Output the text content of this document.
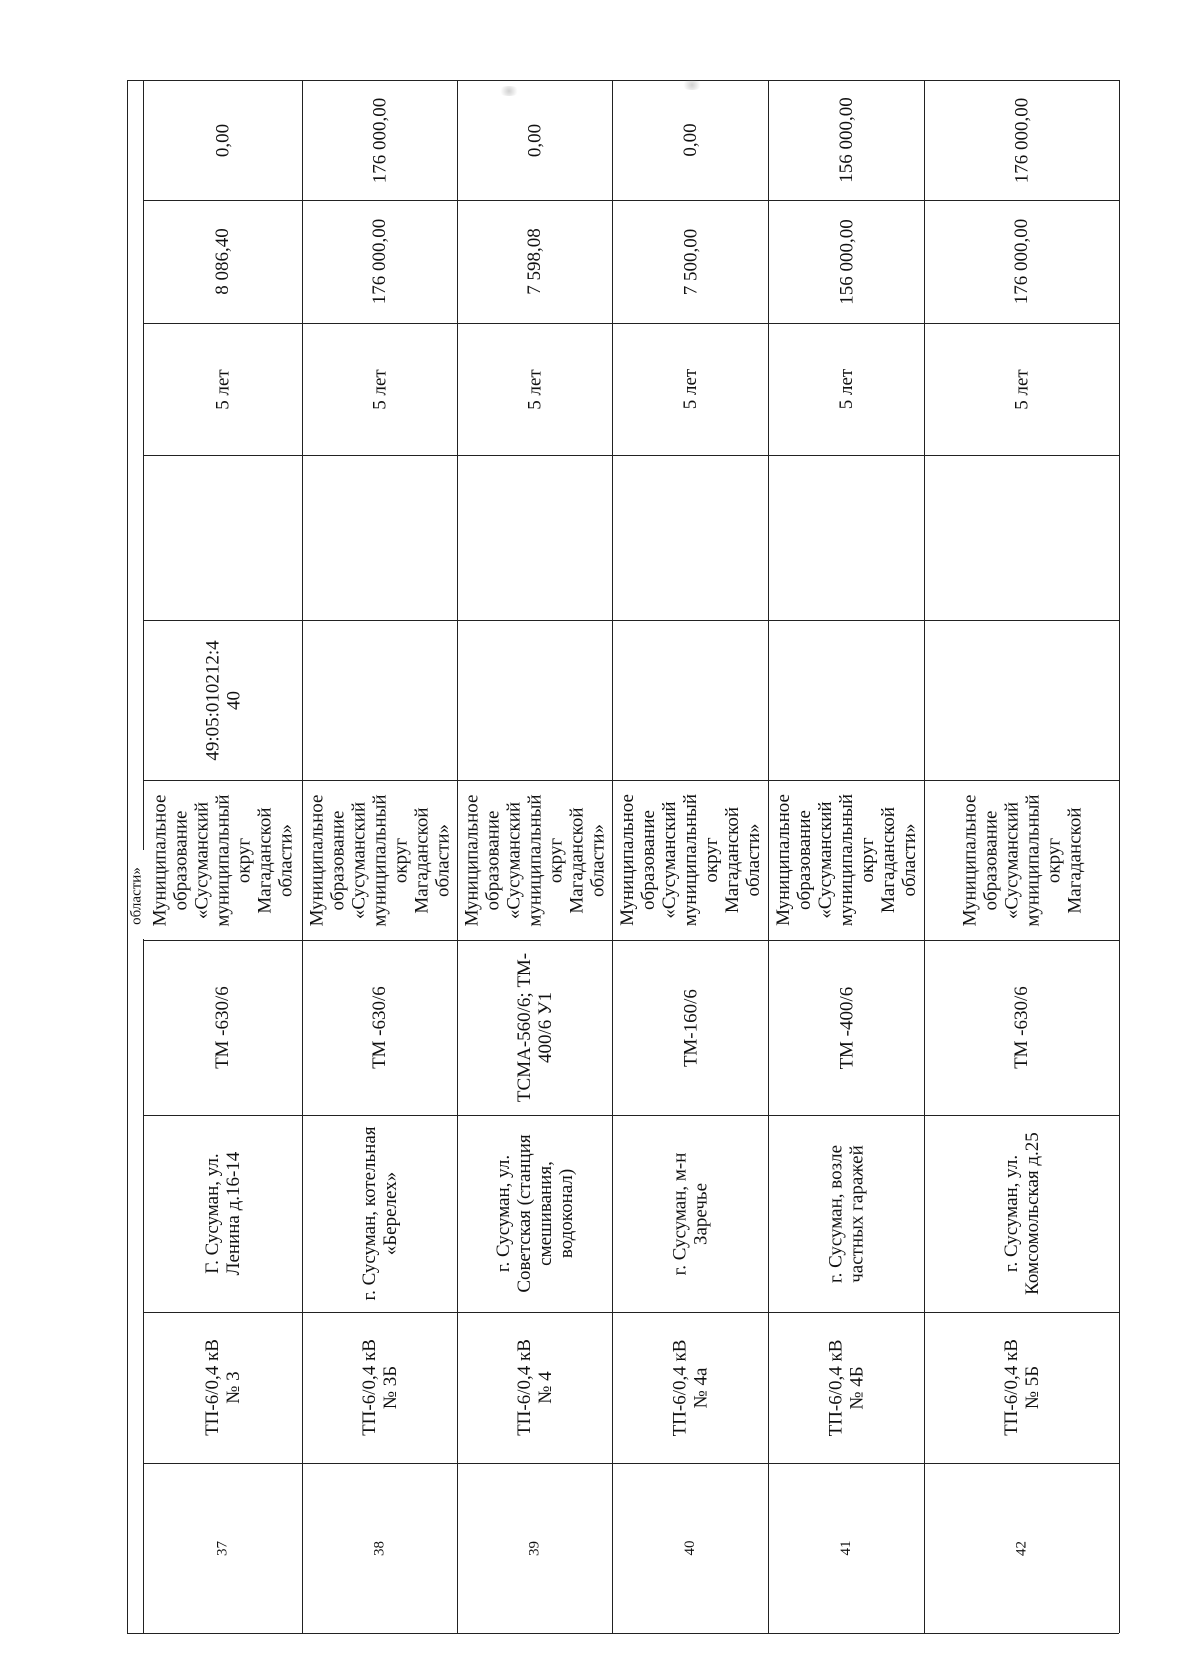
области»
0,00
8 086,40
5 лет
49:05:010212:4
40
Муниципальное
образование
«Сусуманский
муниципальный
округ
Магаданской
области»
ТМ -630/6
Г. Сусуман, ул.
Ленина д.16-14
ТП-6/0,4 кВ
№ 3
37
176 000,00
176 000,00
5 лет
Муниципальное
образование
«Сусуманский
муниципальный
округ
Магаданской
области»
ТМ -630/6
г. Сусуман, котельная
«Берелех»
ТП-6/0,4 кВ
№ 3Б
38
0,00
7 598,08
5 лет
Муниципальное
образование
«Сусуманский
муниципальный
округ
Магаданской
области»
ТСМА-560/6; ТМ-
400/6 У1
г. Сусуман, ул.
Советская (станция
смешивания,
водоконал)
ТП-6/0,4 кВ
№ 4
39
0,00
7 500,00
5 лет
Муниципальное
образование
«Сусуманский
муниципальный
округ
Магаданской
области»
ТМ-160/6
г. Сусуман, м-н
Заречье
ТП-6/0,4 кВ
№ 4а
40
156 000,00
156 000,00
5 лет
Муниципальное
образование
«Сусуманский
муниципальный
округ
Магаданской
области»
ТМ -400/6
г. Сусуман, возле
частных гаражей
ТП-6/0,4 кВ
№ 4Б
41
176 000,00
176 000,00
5 лет
Муниципальное
образование
«Сусуманский
муниципальный
округ
Магаданской
ТМ -630/6
г. Сусуман, ул.
Комсомольская д.25
ТП-6/0,4 кВ
№ 5Б
42
